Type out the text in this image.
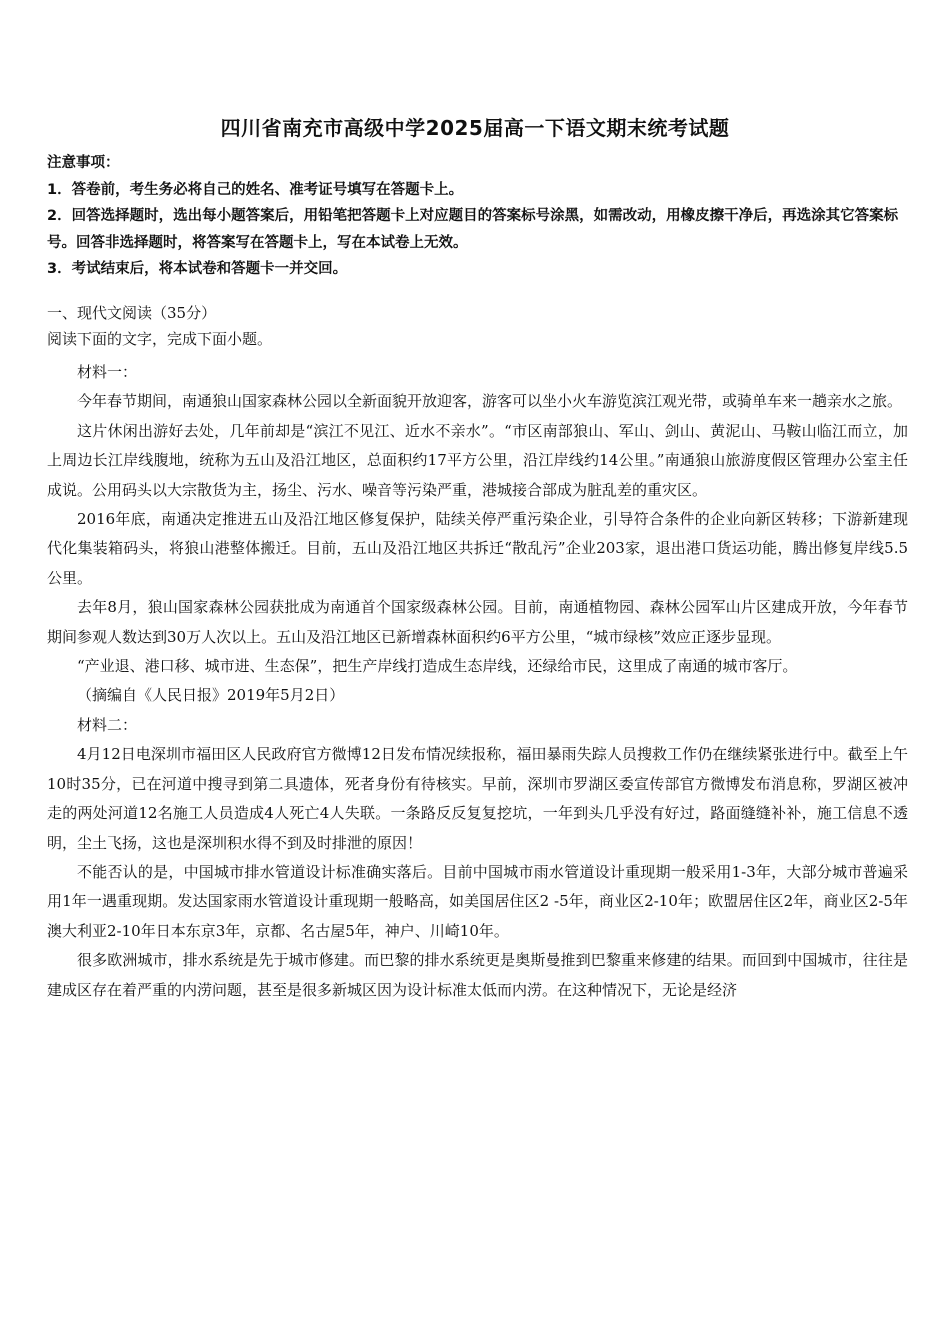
四川省南充市高级中学2025届高一下语文期末统考试题

注意事项：

1．答卷前，考生务必将自己的姓名、准考证号填写在答题卡上。

2．回答选择题时，选出每小题答案后，用铅笔把答题卡上对应题目的答案标号涂黑，如需改动，用橡皮擦干净后，再选涂其它答案标号。回答非选择题时，将答案写在答题卡上，写在本试卷上无效。

3．考试结束后，将本试卷和答题卡一并交回。

一、现代文阅读（35分）

阅读下面的文字，完成下面小题。

材料一：

今年春节期间，南通狼山国家森林公园以全新面貌开放迎客，游客可以坐小火车游览滨江观光带，或骑单车来一趟亲水之旅。

这片休闲出游好去处，几年前却是“滨江不见江、近水不亲水”。“市区南部狼山、军山、剑山、黄泥山、马鞍山临江而立，加上周边长江岸线腹地，统称为五山及沿江地区，总面积约17平方公里，沿江岸线约14公里。”南通狼山旅游度假区管理办公室主任成说。公用码头以大宗散货为主，扬尘、污水、噪音等污染严重，港城接合部成为脏乱差的重灾区。

2016年底，南通决定推进五山及沿江地区修复保护，陆续关停严重污染企业，引导符合条件的企业向新区转移；下游新建现代化集装箱码头，将狼山港整体搬迁。目前，五山及沿江地区共拆迁“散乱污”企业203家，退出港口货运功能，腾出修复岸线5.5公里。

去年8月，狼山国家森林公园获批成为南通首个国家级森林公园。目前，南通植物园、森林公园军山片区建成开放，今年春节期间参观人数达到30万人次以上。五山及沿江地区已新增森林面积约6平方公里，“城市绿核”效应正逐步显现。

“产业退、港口移、城市进、生态保”，把生产岸线打造成生态岸线，还绿给市民，这里成了南通的城市客厅。

（摘编自《人民日报》2019年5月2日）

材料二：

4月12日电深圳市福田区人民政府官方微博12日发布情况续报称，福田暴雨失踪人员搜救工作仍在继续紧张进行中。截至上午10时35分，已在河道中搜寻到第二具遗体，死者身份有待核实。早前，深圳市罗湖区委宣传部官方微博发布消息称，罗湖区被冲走的两处河道12名施工人员造成4人死亡4人失联。一条路反反复复挖坑，一年到头几乎没有好过，路面缝缝补补，施工信息不透明，尘土飞扬，这也是深圳积水得不到及时排泄的原因！

不能否认的是，中国城市排水管道设计标准确实落后。目前中国城市雨水管道设计重现期一般采用1-3年，大部分城市普遍采用1年一遇重现期。发达国家雨水管道设计重现期一般略高，如美国居住区2 -5年，商业区2-10年；欧盟居住区2年，商业区2-5年澳大利亚2-10年日本东京3年，京都、名古屋5年，神户、川崎10年。

很多欧洲城市，排水系统是先于城市修建。而巴黎的排水系统更是奥斯曼推到巴黎重来修建的结果。而回到中国城市，往往是建成区存在着严重的内涝问题，甚至是很多新城区因为设计标准太低而内涝。在这种情况下，无论是经济
